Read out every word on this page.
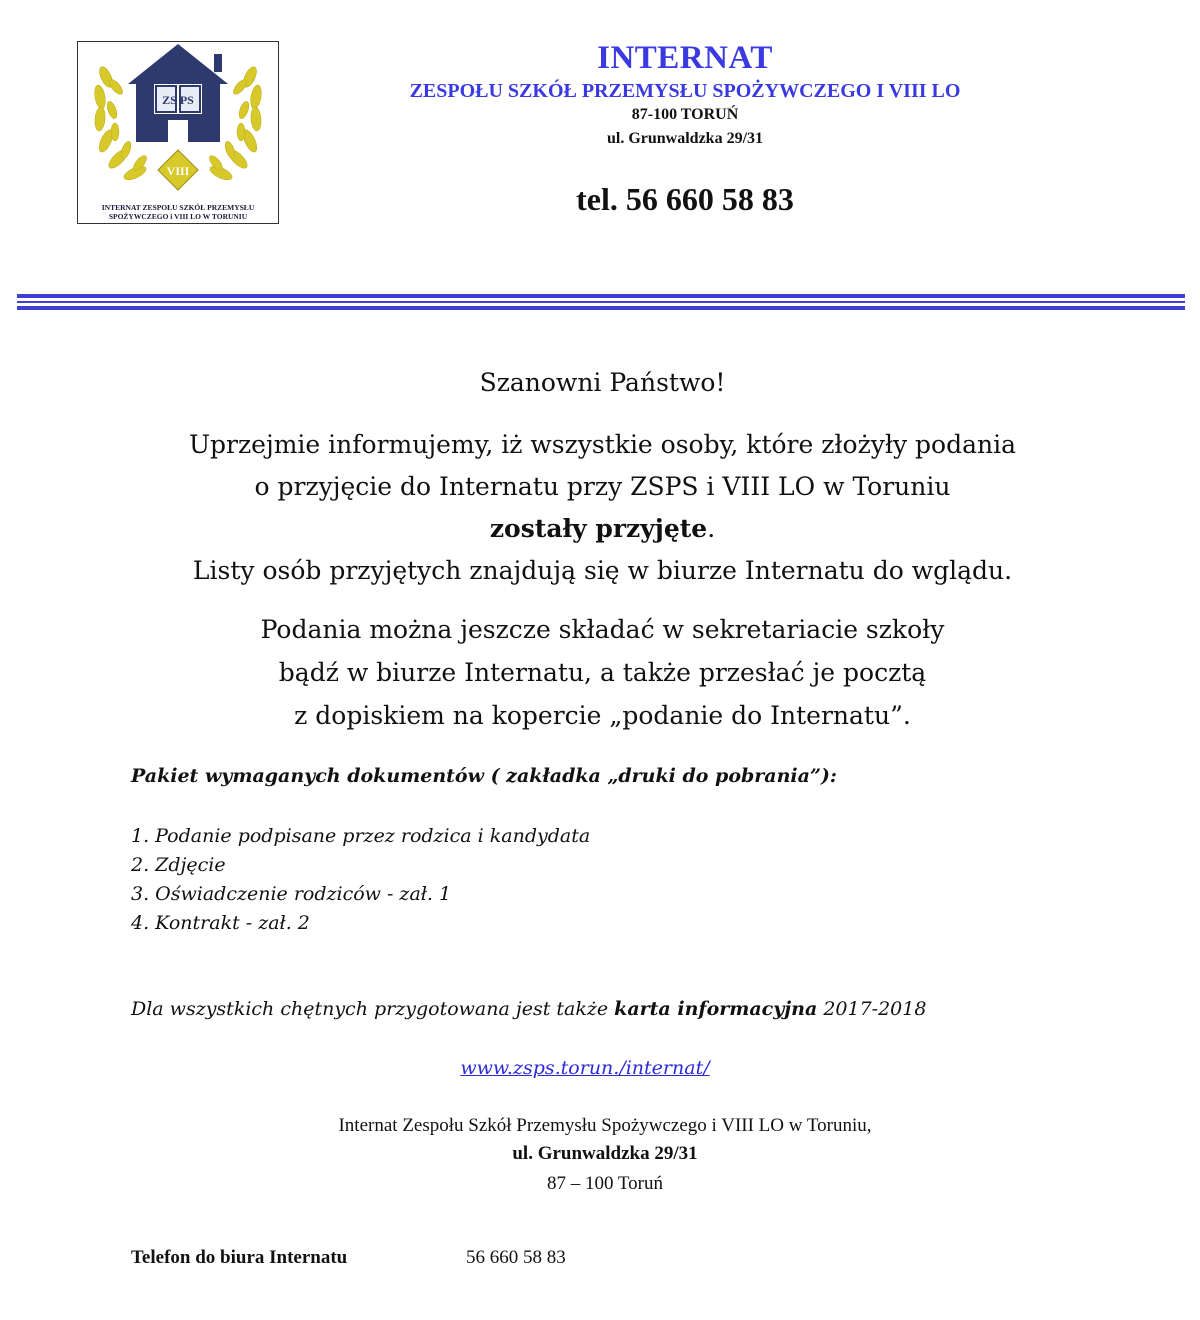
VIII
ZS PS
INTERNAT ZESPOŁU SZKÓŁ PRZEMYSŁU
SPOŻYWCZEGO i VIII LO W TORUNIU
INTERNAT
ZESPOŁU SZKÓŁ PRZEMYSŁU SPOŻYWCZEGO I VIII LO
87-100 TORUŃ
ul. Grunwaldzka 29/31
tel. 56 660 58 83
Szanowni Państwo!
Uprzejmie informujemy, iż wszystkie osoby, które złożyły podania
o przyjęcie do Internatu przy ZSPS i VIII LO w Toruniu
zostały przyjęte.
Listy osób przyjętych znajdują się w biurze Internatu do wglądu.
Podania można jeszcze składać w sekretariacie szkoły
bądź w biurze Internatu, a także przesłać je pocztą
z dopiskiem na kopercie „podanie do Internatu”.
Pakiet wymaganych dokumentów ( zakładka „druki do pobrania”):
1. Podanie podpisane przez rodzica i kandydata
2. Zdjęcie
3. Oświadczenie rodziców - zał. 1
4. Kontrakt - zał. 2
Dla wszystkich chętnych przygotowana jest także karta informacyjna 2017-2018
www.zsps.torun./internat/
Internat Zespołu Szkół Przemysłu Spożywczego i VIII LO w Toruniu,
ul. Grunwaldzka 29/31
87 – 100 Toruń
Telefon do biura Internatu	56 660 58 83
